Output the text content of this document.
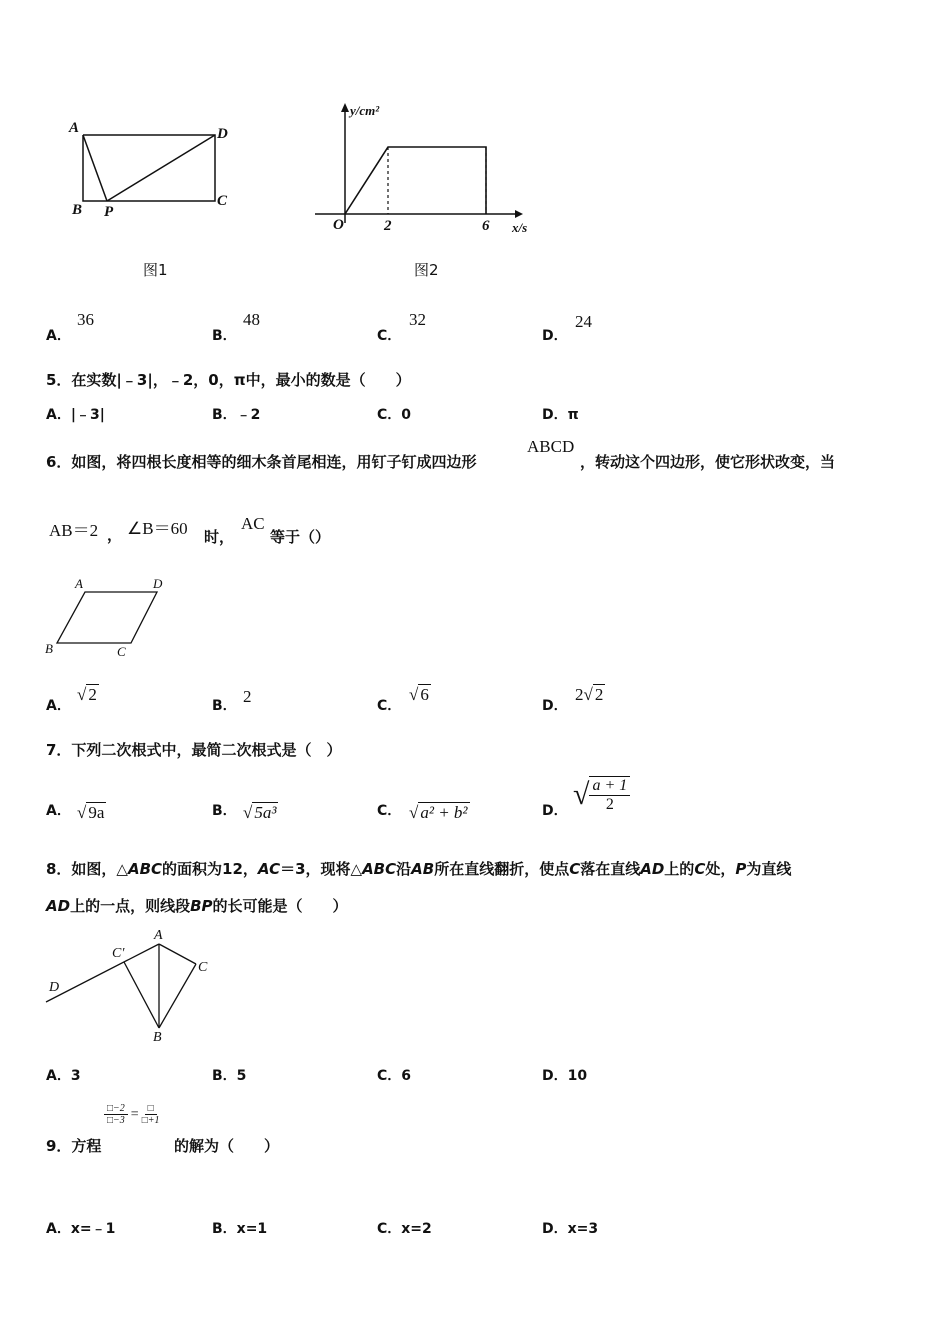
A	D
B P
C
图1
y/cm²
O	2	6 x/s
图2
A．
36
B．
48
C．
32
D．
24
5．在实数|﹣3|，﹣2，0，π中，最小的数是（　　）
A．|﹣3|	B．﹣2	C．0	D．π
6．如图，将四根长度相等的细木条首尾相连，用钉子钉成四边形
ABCD
，转动这个四边形，使它形状改变，当
AB＝2 ， ∠B＝60 时，
AC
等于（）
A	D
B	C
A．
√ 2
B． 2	C．
√ 6
D．
2√ 2
7．下列二次根式中，最简二次根式是（　）
A． √ 9a	B． √ 5a³	C． √ a² + b²	D． √ $\frac{a + 1}{2}$
8．如图，△ABC的面积为12，AC＝3，现将△ABC沿AB所在直线翻折，使点C落在直线AD上的C处，P为直线
AD上的一点，则线段BP的长可能是（　　）
A
C′
C
D
B
A．3	B．5	C．6	D．10
$\frac{□-2}{□-3} = \frac{□}{□+1}$
9．方程	的解为（　　）
A．x=﹣1	B．x=1	C．x=2	D．x=3
